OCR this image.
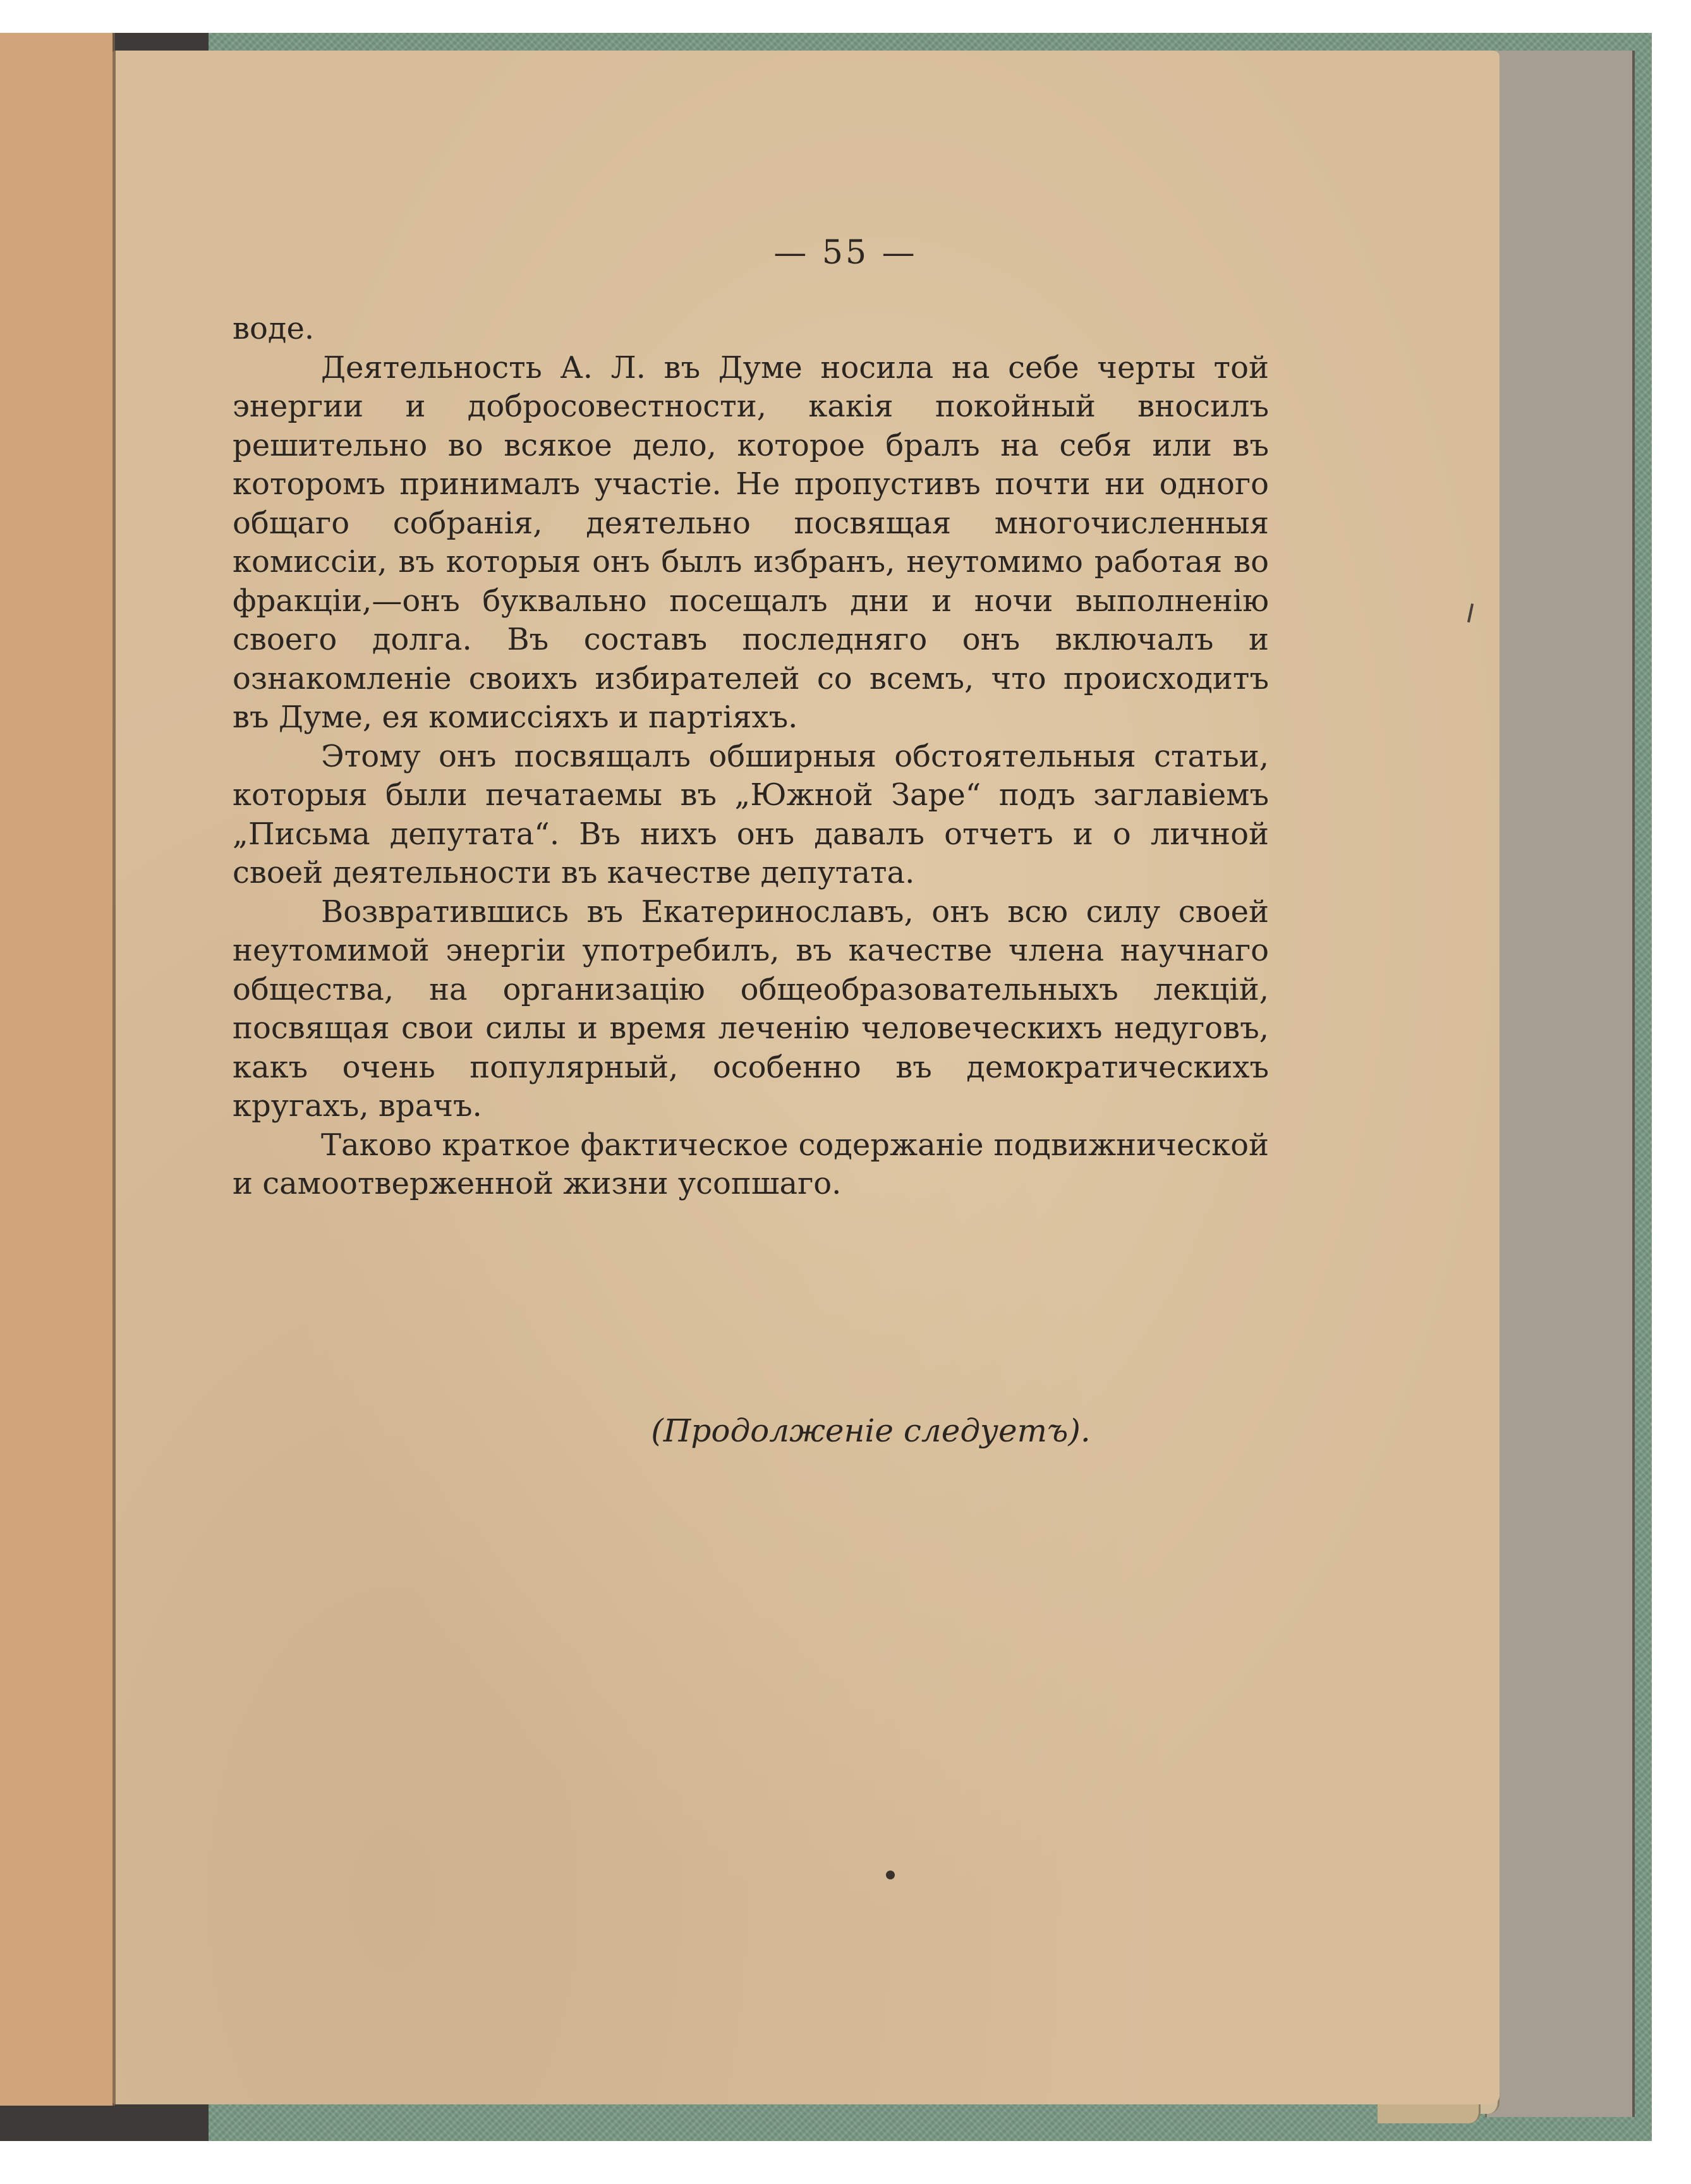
— 55 —

воде.

Деятельность А. Л. въ Думе носила на себе черты той энергии и добросовестности, какія покойный вносилъ решительно во всякое дело, которое бралъ на себя или въ которомъ принималъ участіе. Не пропустивъ почти ни одного общаго собранія, деятельно посвящая многочисленныя комиссіи, въ которыя онъ былъ избранъ, неутомимо работая во фракціи,—онъ буквально посещалъ дни и ночи выполненію своего долга. Въ составъ последняго онъ включалъ и ознакомленіе своихъ избирателей со всемъ, что происходитъ въ Думе, ея комиссіяхъ и партіяхъ.

Этому онъ посвящалъ обширныя обстоятельныя статьи, которыя были печатаемы въ „Южной Заре“ подъ заглавіемъ „Письма депутата“. Въ нихъ онъ давалъ отчетъ и о личной своей деятельности въ качестве депутата.

Возвратившись въ Екатеринославъ, онъ всю силу своей неутомимой энергіи употребилъ, въ качестве члена научнаго общества, на организацію общеобразовательныхъ лекцій, посвящая свои силы и время леченію человеческихъ недуговъ, какъ очень популярный, особенно въ демократическихъ кругахъ, врачъ.

Таково краткое фактическое содержаніе подвижнической и самоотверженной жизни усопшаго.

(Продолженіе следуетъ).
